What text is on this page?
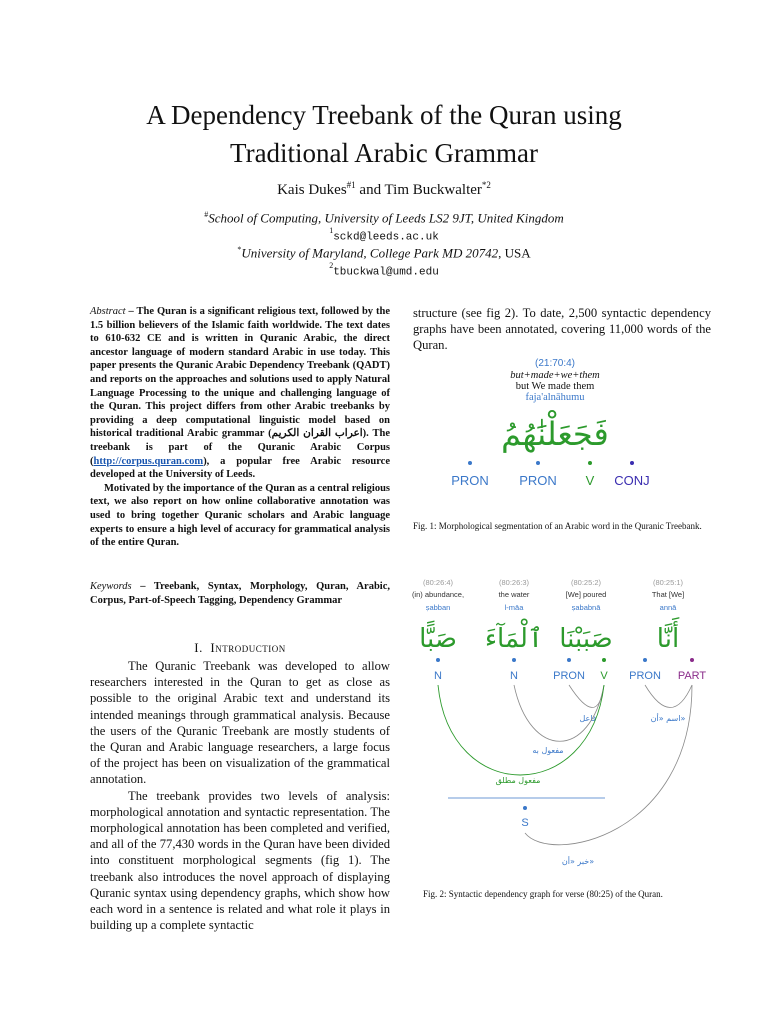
A Dependency Treebank of the Quran using
Traditional Arabic Grammar
Kais Dukes$^{\#1}$ and Tim Buckwalter$^{*2}$
#School of Computing, University of Leeds LS2 9JT, United Kingdom
$^1$sckd@leeds.ac.uk
*University of Maryland, College Park MD 20742, USA
$^2$tbuckwal@umd.edu
Abstract – The Quran is a significant religious text, followed by the 1.5 billion believers of the Islamic faith worldwide. The text dates to 610-632 CE and is written in Quranic Arabic, the direct ancestor language of modern standard Arabic in use today. This paper presents the Quranic Arabic Dependency Treebank (QADT) and reports on the approaches and solutions used to apply Natural Language Processing to the unique and challenging language of the Quran. This project differs from other Arabic treebanks by providing a deep computational linguistic model based on historical traditional Arabic grammar (اعراب القران الكريم). The treebank is part of the Quranic Arabic Corpus (http://corpus.quran.com), a popular free Arabic resource developed at the University of Leeds.
Motivated by the importance of the Quran as a central religious text, we also report on how online collaborative annotation was used to bring together Quranic scholars and Arabic language experts to ensure a high level of accuracy for grammatical analysis of the entire Quran.
Keywords – Treebank, Syntax, Morphology, Quran, Arabic, Corpus, Part-of-Speech Tagging, Dependency Grammar
I. Introduction
The Quranic Treebank was developed to allow researchers interested in the Quran to get as close as possible to the original Arabic text and understand its intended meanings through grammatical analysis. Because the users of the Quranic Treebank are mostly students of the Quran and Arabic language researchers, a large focus of the project has been on visualization of the grammatical annotation.
The treebank provides two levels of analysis: morphological annotation and syntactic representation. The morphological annotation has been completed and verified, and all of the 77,430 words in the Quran have been divided into constituent morphological segments (fig 1). The treebank also introduces the novel approach of displaying Quranic syntax using dependency graphs, which show how each word in a sentence is related and what role it plays in building up a complete syntactic
structure (see fig 2). To date, 2,500 syntactic dependency graphs have been annotated, covering 11,000 words of the Quran.
(21:70:4)
but+made+we+them
but We made them
faja'alnāhumu
فَجَعَلْنَٰهُمُ
PRON	PRON	V	CONJ
Fig. 1: Morphological segmentation of an Arabic word in the Quranic Treebank.
(80:26:4)
(in) abundance,
ṣabban
صَبًّا
(80:26:3)
the water
l-māa
ٱلْمَآءَ
(80:25:2)
[We] poured
ṣababnā
صَبَبْنَا
(80:25:1)
That [We]
annā
أَنَّا
N	N	PRON V PRON PART
فاعل	اسم «أن»
مفعول به
مفعول مطلق
S
خبر «أن»
Fig. 2: Syntactic dependency graph for verse (80:25) of the Quran.
